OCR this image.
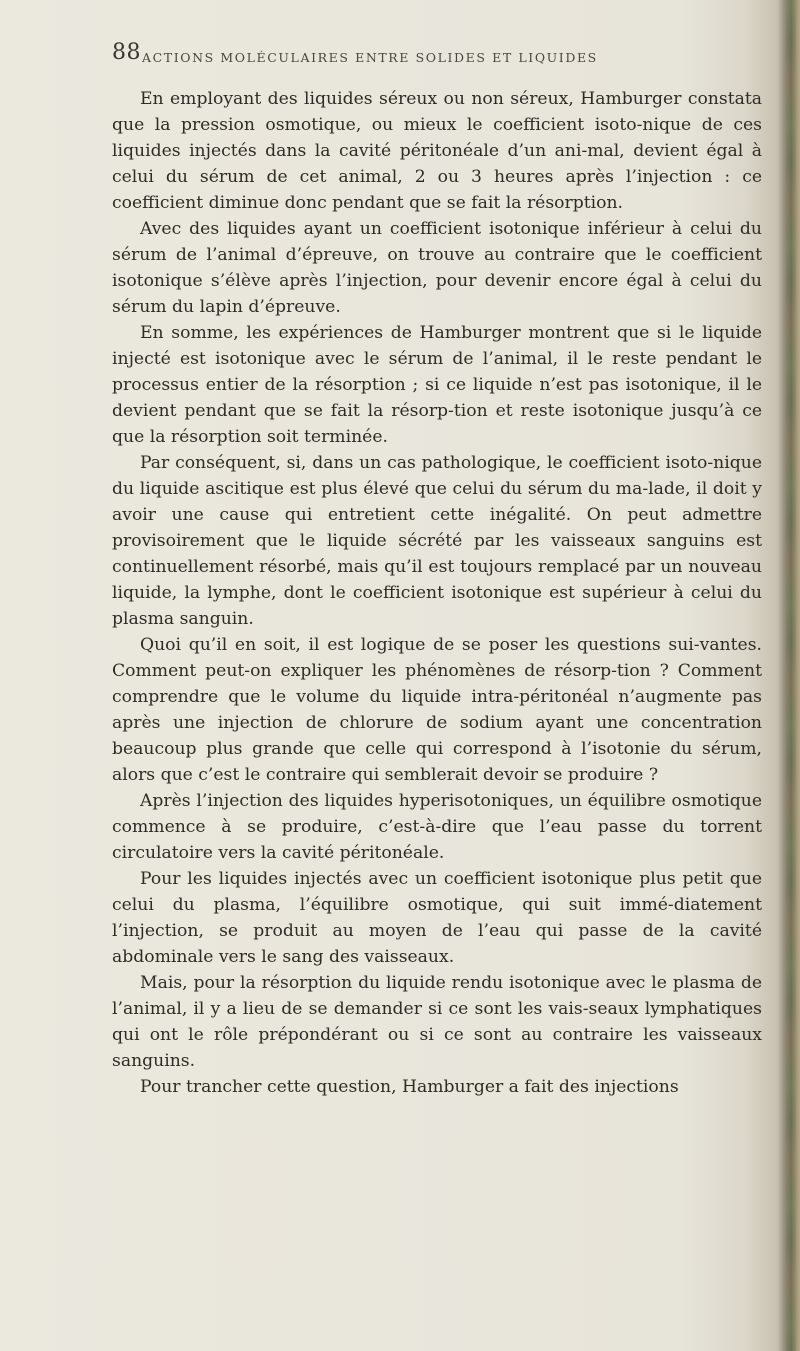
88 ACTIONS MOLÉCULAIRES ENTRE SOLIDES ET LIQUIDES

En employant des liquides séreux ou non séreux, Hamburger constata que la pression osmotique, ou mieux le coefficient isoto-nique de ces liquides injectés dans la cavité péritonéale d’un ani-mal, devient égal à celui du sérum de cet animal, 2 ou 3 heures après l’injection : ce coefficient diminue donc pendant que se fait la résorption.

Avec des liquides ayant un coefficient isotonique inférieur à celui du sérum de l’animal d’épreuve, on trouve au contraire que le coefficient isotonique s’élève après l’injection, pour devenir encore égal à celui du sérum du lapin d’épreuve.

En somme, les expériences de Hamburger montrent que si le liquide injecté est isotonique avec le sérum de l’animal, il le reste pendant le processus entier de la résorption ; si ce liquide n’est pas isotonique, il le devient pendant que se fait la résorp-tion et reste isotonique jusqu’à ce que la résorption soit terminée.

Par conséquent, si, dans un cas pathologique, le coefficient isoto-nique du liquide ascitique est plus élevé que celui du sérum du ma-lade, il doit y avoir une cause qui entretient cette inégalité. On peut admettre provisoirement que le liquide sécrété par les vaisseaux sanguins est continuellement résorbé, mais qu’il est toujours remplacé par un nouveau liquide, la lymphe, dont le coefficient isotonique est supérieur à celui du plasma sanguin.

Quoi qu’il en soit, il est logique de se poser les questions sui-vantes. Comment peut-on expliquer les phénomènes de résorp-tion ? Comment comprendre que le volume du liquide intra-péritonéal n’augmente pas après une injection de chlorure de sodium ayant une concentration beaucoup plus grande que celle qui correspond à l’isotonie du sérum, alors que c’est le contraire qui semblerait devoir se produire ?

Après l’injection des liquides hyperisotoniques, un équilibre osmotique commence à se produire, c’est-à-dire que l’eau passe du torrent circulatoire vers la cavité péritonéale.

Pour les liquides injectés avec un coefficient isotonique plus petit que celui du plasma, l’équilibre osmotique, qui suit immé-diatement l’injection, se produit au moyen de l’eau qui passe de la cavité abdominale vers le sang des vaisseaux.

Mais, pour la résorption du liquide rendu isotonique avec le plasma de l’animal, il y a lieu de se demander si ce sont les vais-seaux lymphatiques qui ont le rôle prépondérant ou si ce sont au contraire les vaisseaux sanguins.

Pour trancher cette question, Hamburger a fait des injections
